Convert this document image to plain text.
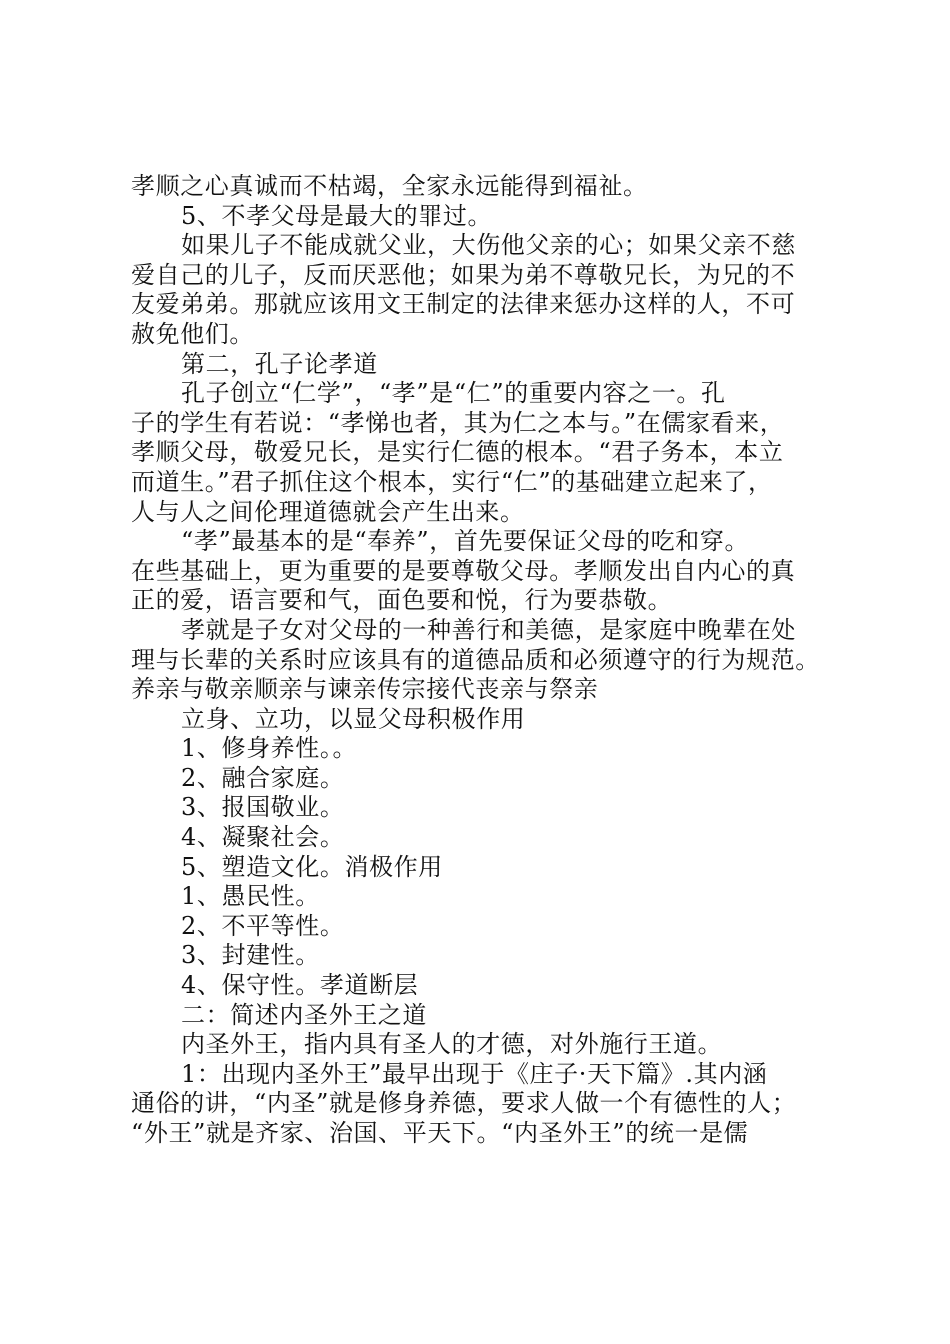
孝顺之心真诚而不枯竭，全家永远能得到福祉。
5、不孝父母是最大的罪过。
如果儿子不能成就父业，大伤他父亲的心；如果父亲不慈
爱自己的儿子，反而厌恶他；如果为弟不尊敬兄长，为兄的不
友爱弟弟。那就应该用文王制定的法律来惩办这样的人，不可
赦免他们。
第二，孔子论孝道
孔子创立“仁学”，“孝”是“仁”的重要内容之一。孔
子的学生有若说：“孝悌也者，其为仁之本与。”在儒家看来，
孝顺父母，敬爱兄长，是实行仁德的根本。“君子务本，本立
而道生。”君子抓住这个根本，实行“仁”的基础建立起来了，
人与人之间伦理道德就会产生出来。
“孝”最基本的是“奉养”，首先要保证父母的吃和穿。
在些基础上，更为重要的是要尊敬父母。孝顺发出自内心的真
正的爱，语言要和气，面色要和悦，行为要恭敬。
孝就是子女对父母的一种善行和美德，是家庭中晚辈在处
理与长辈的关系时应该具有的道德品质和必须遵守的行为规范。
养亲与敬亲顺亲与谏亲传宗接代丧亲与祭亲
立身、立功，以显父母积极作用
1、修身养性。。
2、融合家庭。
3、报国敬业。
4、凝聚社会。
5、塑造文化。消极作用
1、愚民性。
2、不平等性。
3、封建性。
4、保守性。孝道断层
二：简述内圣外王之道
内圣外王，指内具有圣人的才德，对外施行王道。
1：出现内圣外王”最早出现于《庄子·天下篇》.其内涵
通俗的讲，“内圣”就是修身养德，要求人做一个有德性的人；
“外王”就是齐家、治国、平天下。“内圣外王”的统一是儒
